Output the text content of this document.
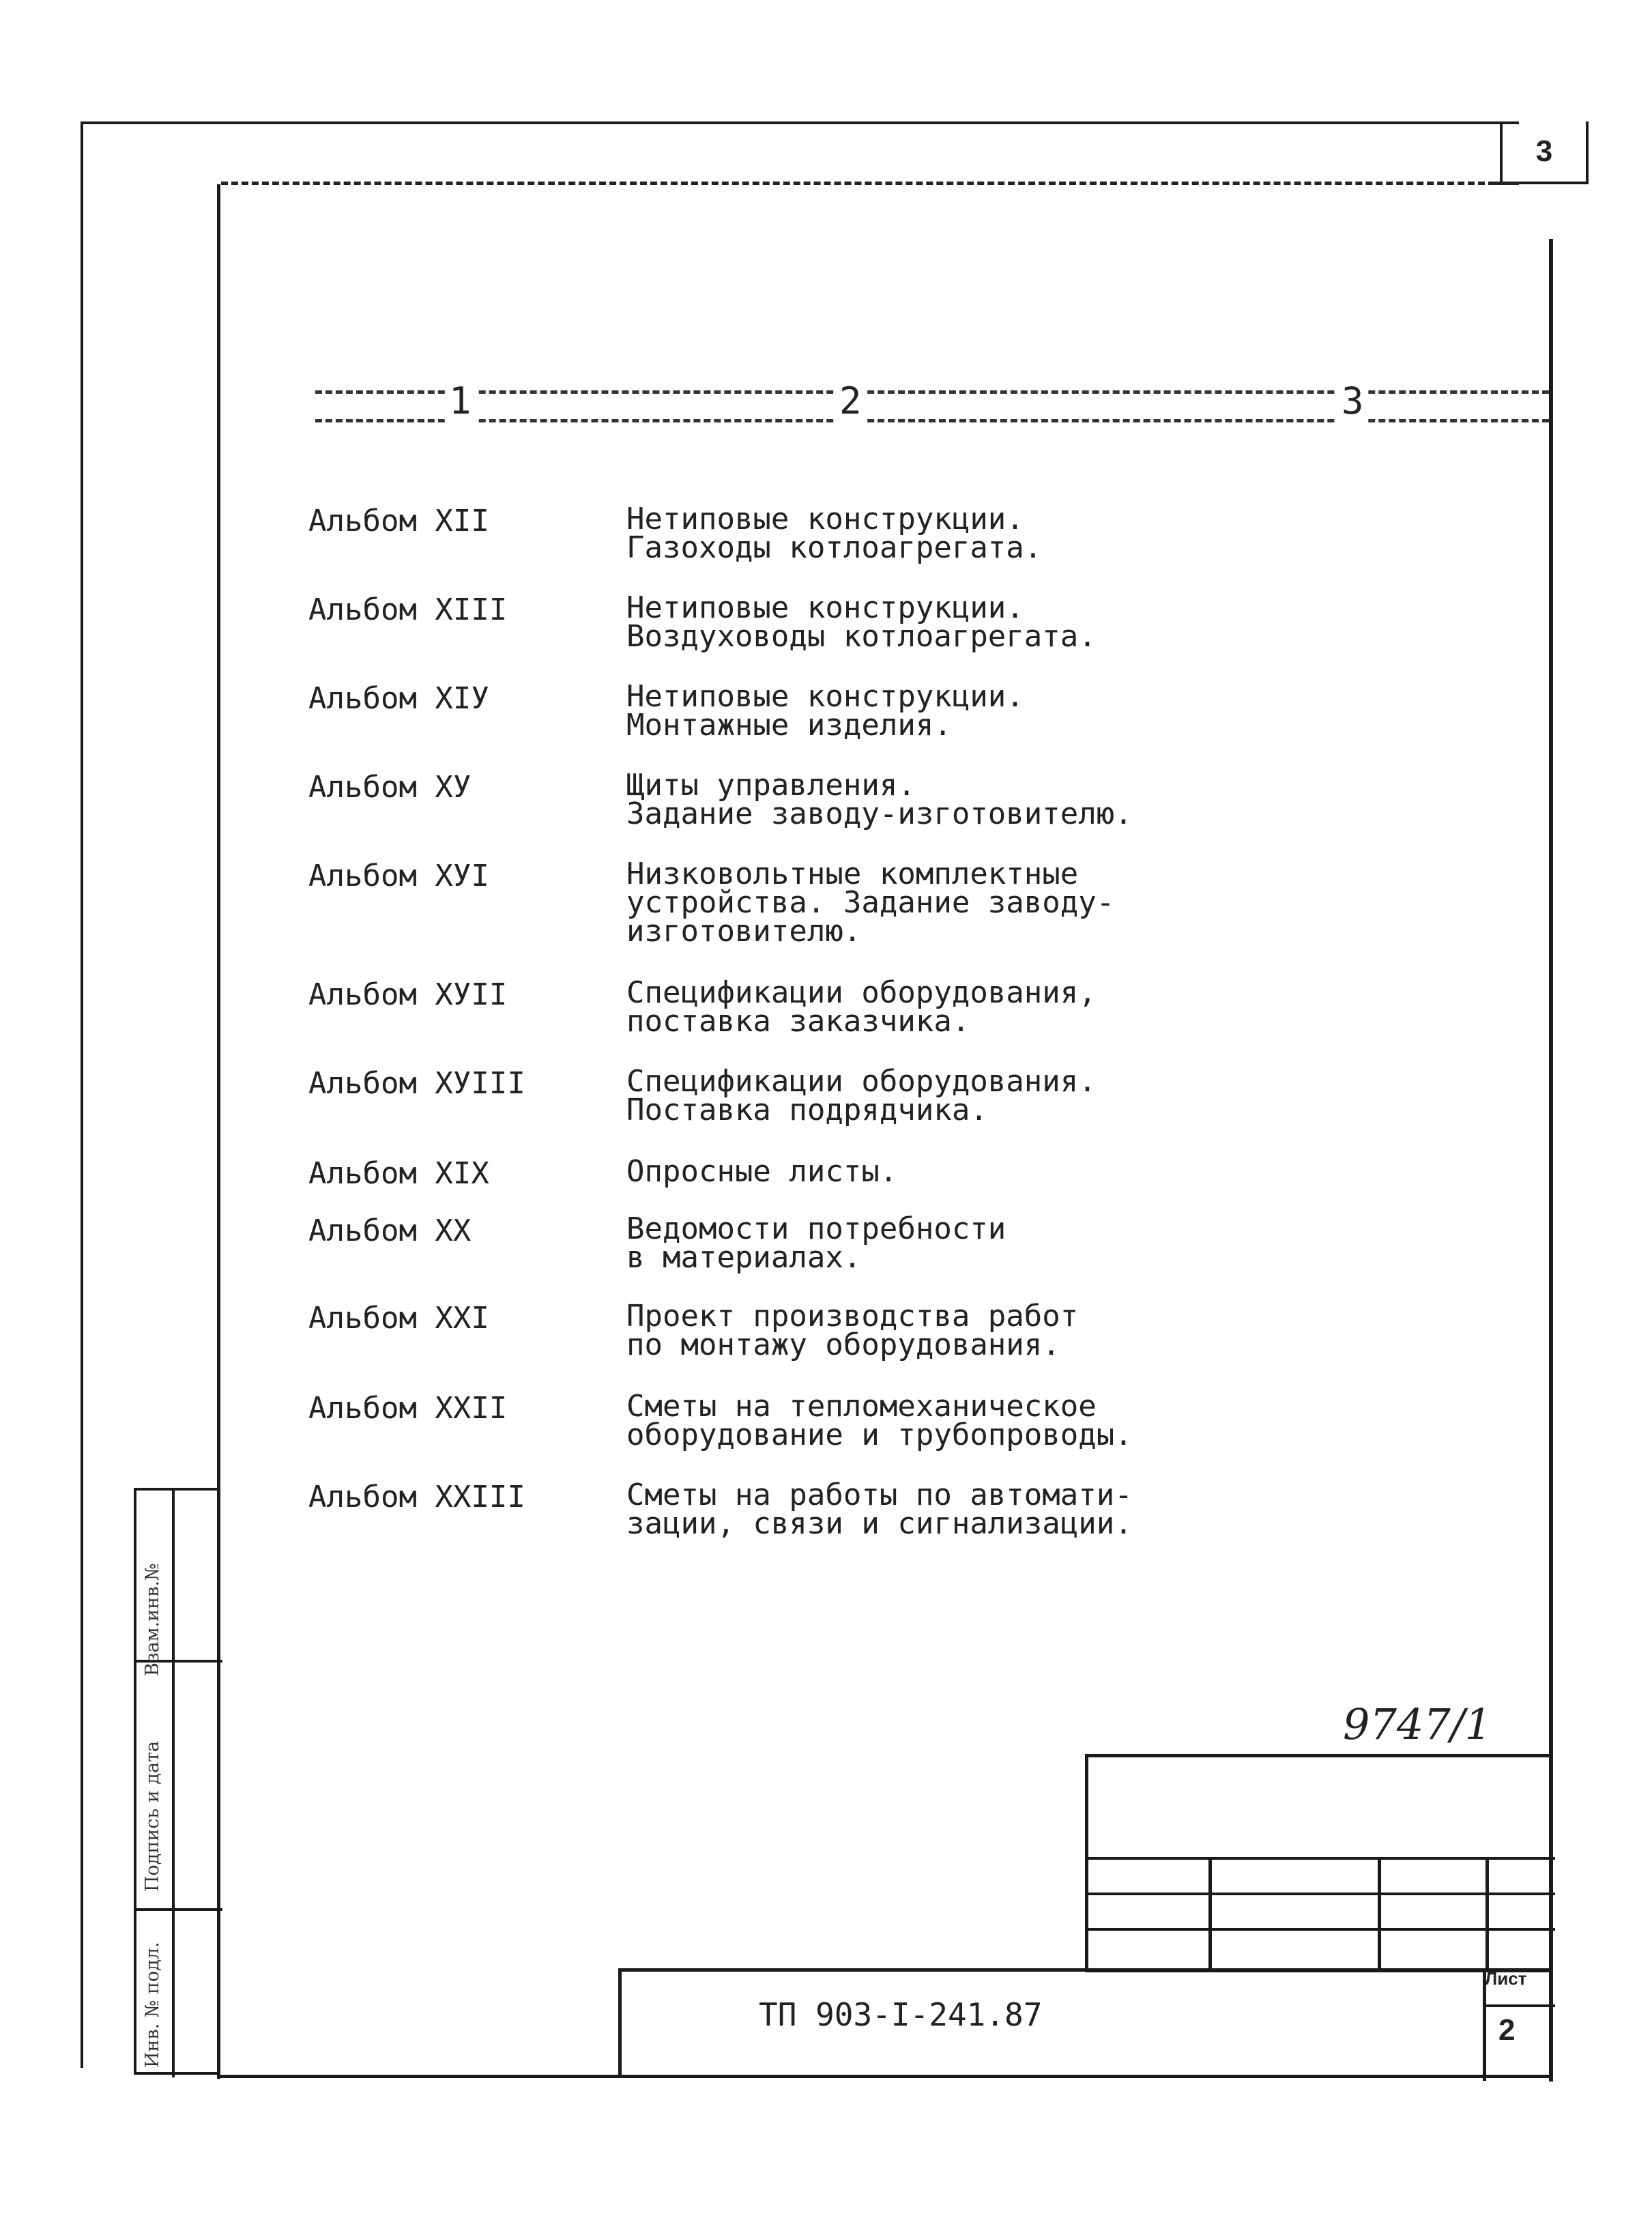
3
1	2	3
Альбом XII	Нетиповые конструкции.
Газоходы котлоагрегата.
Альбом XIII	Нетиповые конструкции.
Воздуховоды котлоагрегата.
Альбом XIУ	Нетиповые конструкции.
Монтажные изделия.
Альбом ХУ	Щиты управления.
Задание заводу-изготовителю.
Альбом ХУI	Низковольтные комплектные
устройства. Задание заводу-
изготовителю.
Альбом ХУII	Спецификации оборудования,
поставка заказчика.
Альбом ХУIII	Спецификации оборудования.
Поставка подрядчика.
Альбом XIX	Опросные листы.
Альбом XX	Ведомости потребности
в материалах.
Альбом XXI	Проект производства работ
по монтажу оборудования.
Альбом XXII	Сметы на тепломеханическое
оборудование и трубопроводы.
Альбом XXIII	Сметы на работы по автомати-
зации, связи и сигнализации.
9747/1
ТП 903-I-241.87
Лист
2
Взам.инв.№
Подпись и дата
Инв. № подл.
